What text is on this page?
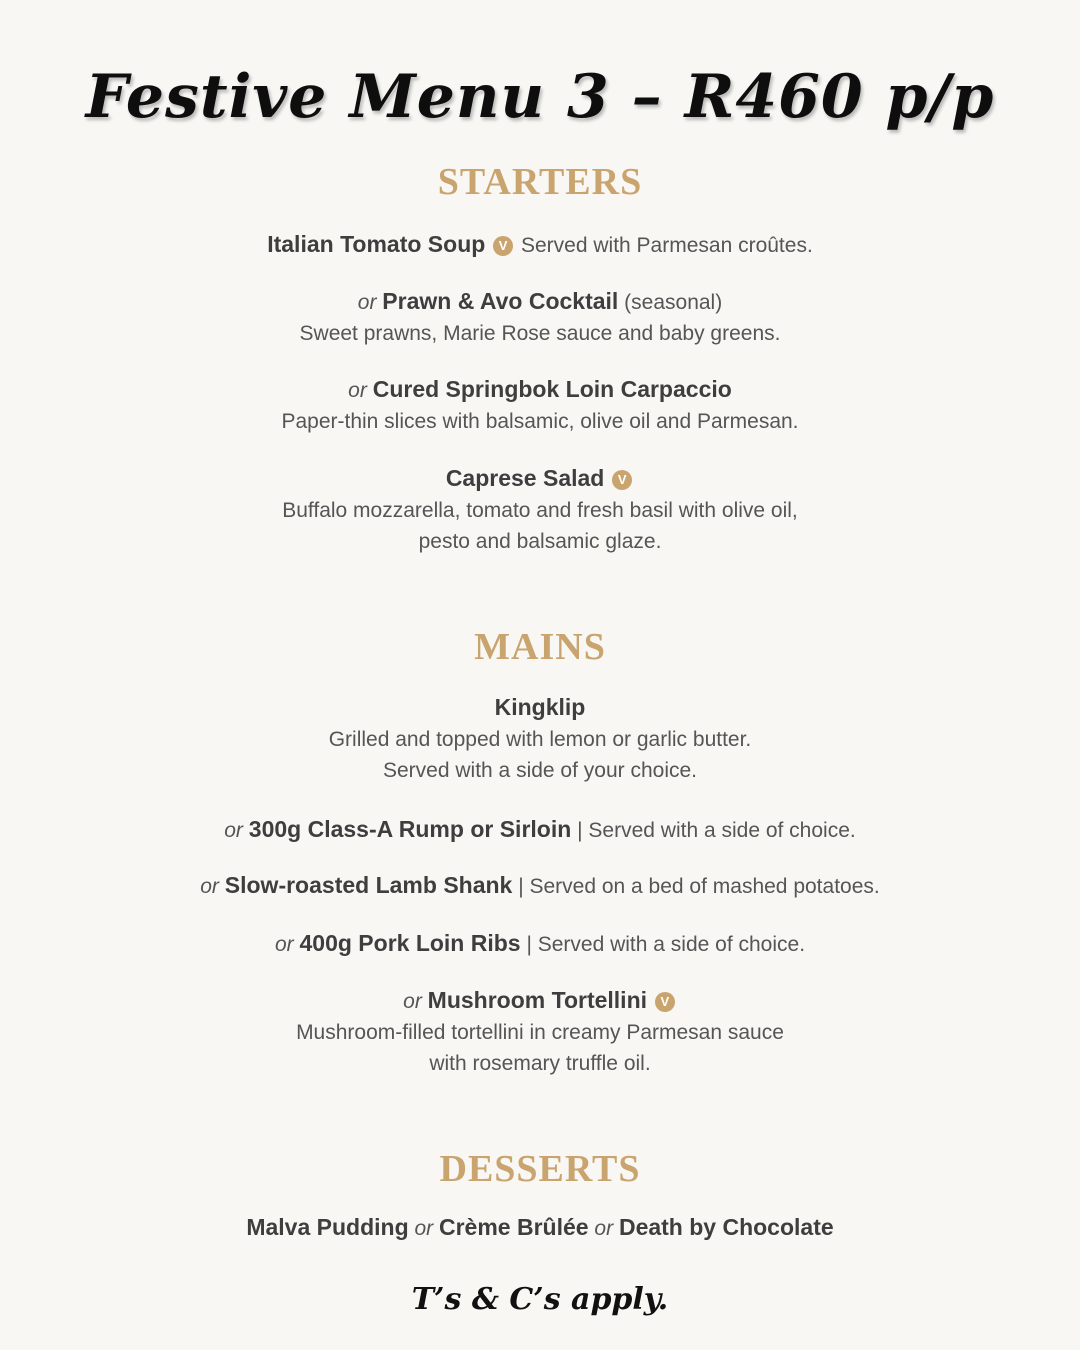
Festive Menu 3 – R460 p/p
STARTERS
Italian Tomato Soup V Served with Parmesan croûtes.
or Prawn & Avo Cocktail (seasonal)
Sweet prawns, Marie Rose sauce and baby greens.
or Cured Springbok Loin Carpaccio
Paper-thin slices with balsamic, olive oil and Parmesan.
Caprese Salad V
Buffalo mozzarella, tomato and fresh basil with olive oil,
pesto and balsamic glaze.
MAINS
Kingklip
Grilled and topped with lemon or garlic butter.
Served with a side of your choice.
or 300g Class-A Rump or Sirloin | Served with a side of choice.
or Slow-roasted Lamb Shank | Served on a bed of mashed potatoes.
or 400g Pork Loin Ribs | Served with a side of choice.
or Mushroom Tortellini V
Mushroom-filled tortellini in creamy Parmesan sauce
with rosemary truffle oil.
DESSERTS
Malva Pudding or Crème Brûlée or Death by Chocolate
T’s & C’s apply.
